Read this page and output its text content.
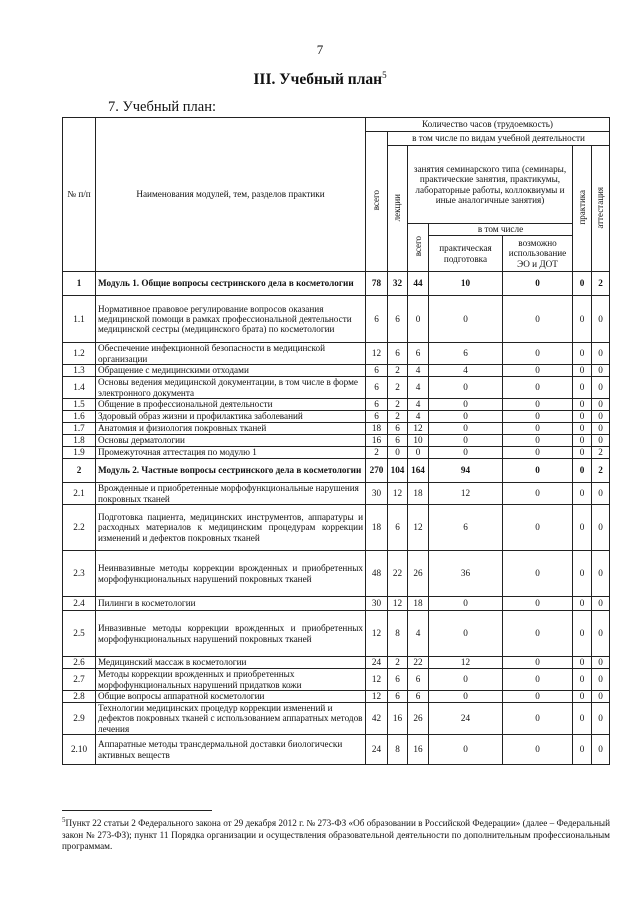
7
III. Учебный план$^5$
7. Учебный план:
№ п/п	Наименования модулей, тем, разделов практики	Количество часов (трудоемкость)						
		всего	в том числе по видам учебной деятельности					
			лекции	занятия семинарского типа (семинары, практические занятия, практикумы, лабораторные работы, коллоквиумы и иные аналогичные занятия)			практика	аттестация
				всего	в том числе			
					практическая подготовка	возможно использование ЭО и ДОТ		
1	Модуль 1. Общие вопросы сестринского дела в косметологии	78	32	44	10	0	0	2
1.1	Нормативное правовое регулирование вопросов оказания медицинской помощи в рамках профессиональной деятельности медицинской сестры (медицинского брата) по косметологии	6	6	0	0	0	0	0
1.2	Обеспечение инфекционной безопасности в медицинской организации	12	6	6	6	0	0	0
1.3	Обращение с медицинскими отходами	6	2	4	4	0	0	0
1.4	Основы ведения медицинской документации, в том числе в форме электронного документа	6	2	4	0	0	0	0
1.5	Общение в профессиональной деятельности	6	2	4	0	0	0	0
1.6	Здоровый образ жизни и профилактика заболеваний	6	2	4	0	0	0	0
1.7	Анатомия и физиология покровных тканей	18	6	12	0	0	0	0
1.8	Основы дерматологии	16	6	10	0	0	0	0
1.9	Промежуточная аттестация по модулю 1	2	0	0	0	0	0	2
2	Модуль 2. Частные вопросы сестринского дела в косметологии	270	104	164	94	0	0	2
2.1	Врожденные и приобретенные морфофункциональные нарушения покровных тканей	30	12	18	12	0	0	0
2.2	Подготовка пациента, медицинских инструментов, аппаратуры и расходных материалов к медицинским процедурам коррекции изменений и дефектов покровных тканей	18	6	12	6	0	0	0
2.3	Неинвазивные методы коррекции врожденных и приобретенных морфофункциональных нарушений покровных тканей	48	22	26	36	0	0	0
2.4	Пилинги в косметологии	30	12	18	0	0	0	0
2.5	Инвазивные методы коррекции врожденных и приобретенных морфофункциональных нарушений покровных тканей	12	8	4	0	0	0	0
2.6	Медицинский массаж в косметологии	24	2	22	12	0	0	0
2.7	Методы коррекции врожденных и приобретенных морфофункциональных нарушений придатков кожи	12	6	6	0	0	0	0
2.8	Общие вопросы аппаратной косметологии	12	6	6	0	0	0	0
2.9	Технологии медицинских процедур коррекции изменений и дефектов покровных тканей с использованием аппаратных методов лечения	42	16	26	24	0	0	0
2.10	Аппаратные методы трансдермальной доставки биологически активных веществ	24	8	16	0	0	0	0
$^5$Пункт 22 статьи 2 Федерального закона от 29 декабря 2012 г. № 273-ФЗ «Об образовании в Российской Федерации» (далее – Федеральный закон № 273-ФЗ); пункт 11 Порядка организации и осуществления образовательной деятельности по дополнительным профессиональным программам.
